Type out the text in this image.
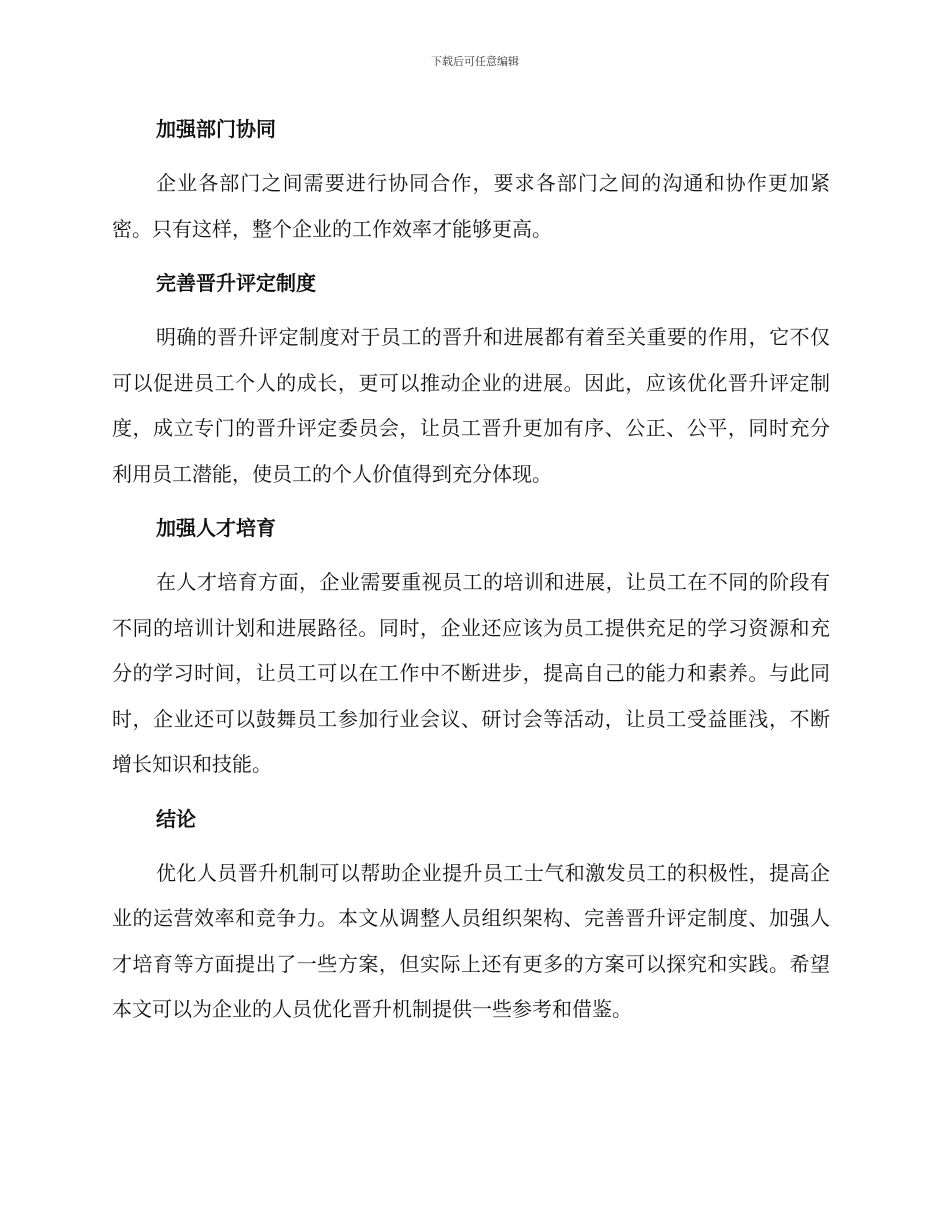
下载后可任意编辑
加强部门协同

企业各部门之间需要进行协同合作，要求各部门之间的沟通和协作更加紧密。只有这样，整个企业的工作效率才能够更高。

完善晋升评定制度

明确的晋升评定制度对于员工的晋升和进展都有着至关重要的作用，它不仅可以促进员工个人的成长，更可以推动企业的进展。因此，应该优化晋升评定制度，成立专门的晋升评定委员会，让员工晋升更加有序、公正、公平，同时充分利用员工潜能，使员工的个人价值得到充分体现。

加强人才培育

在人才培育方面，企业需要重视员工的培训和进展，让员工在不同的阶段有不同的培训计划和进展路径。同时，企业还应该为员工提供充足的学习资源和充分的学习时间，让员工可以在工作中不断进步，提高自己的能力和素养。与此同时，企业还可以鼓舞员工参加行业会议、研讨会等活动，让员工受益匪浅，不断增长知识和技能。

结论

优化人员晋升机制可以帮助企业提升员工士气和激发员工的积极性，提高企业的运营效率和竞争力。本文从调整人员组织架构、完善晋升评定制度、加强人才培育等方面提出了一些方案，但实际上还有更多的方案可以探究和实践。希望本文可以为企业的人员优化晋升机制提供一些参考和借鉴。
